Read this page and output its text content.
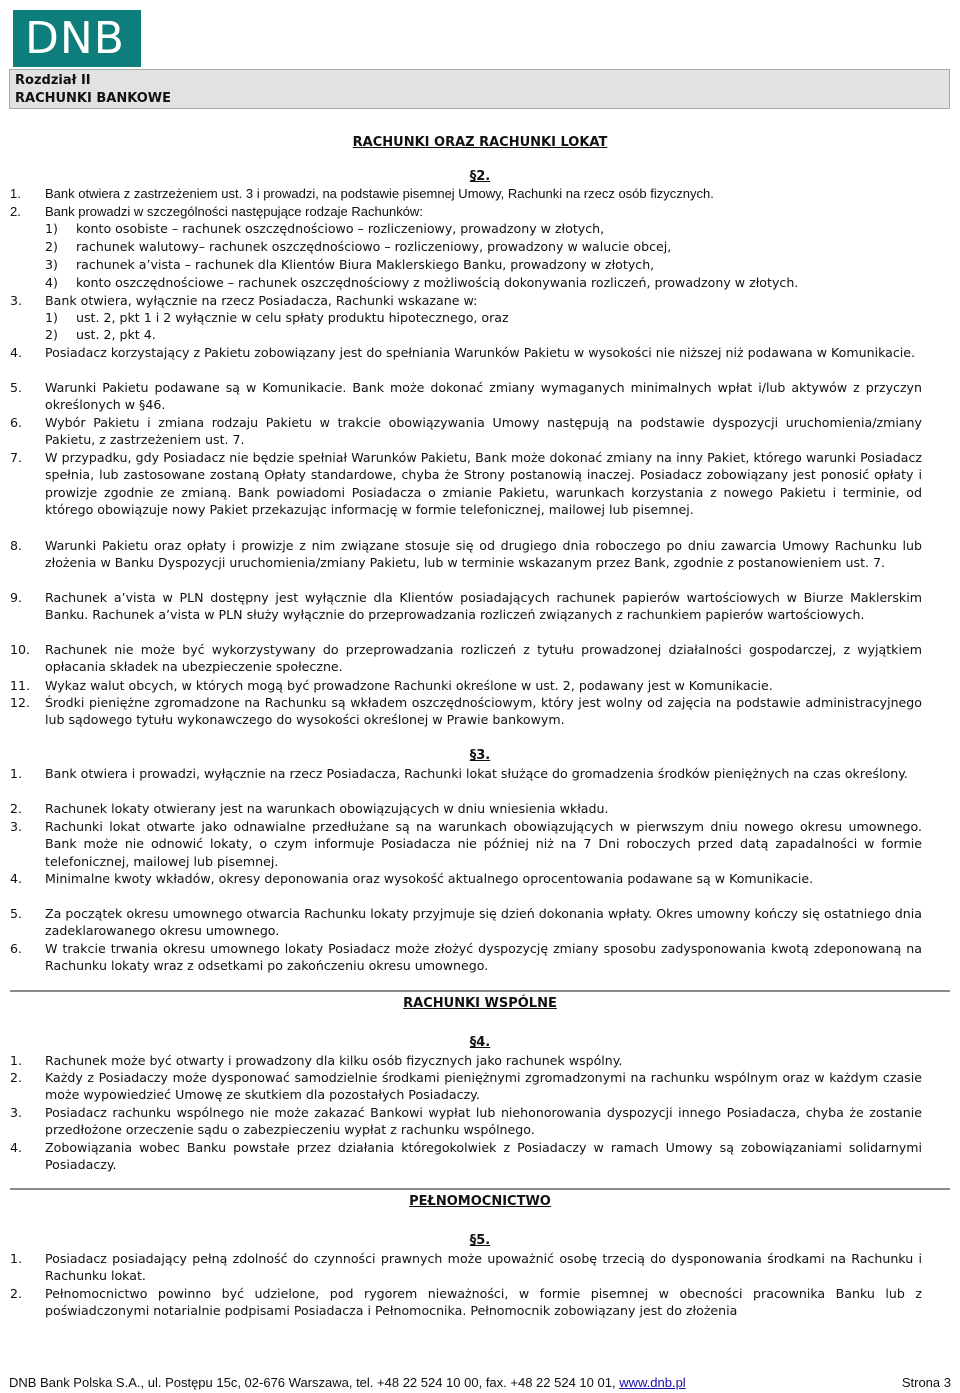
DNB
Rozdział II
RACHUNKI BANKOWE
RACHUNKI ORAZ RACHUNKI LOKAT
§2.
1.	Bank otwiera z zastrzeżeniem ust. 3 i prowadzi, na podstawie pisemnej Umowy, Rachunki na rzecz osób fizycznych.
2.	Bank prowadzi w szczególności następujące rodzaje Rachunków:
1) konto osobiste – rachunek oszczędnościowo – rozliczeniowy, prowadzony w złotych,
2) rachunek walutowy– rachunek oszczędnościowo – rozliczeniowy, prowadzony w walucie obcej,
3) rachunek a’vista – rachunek dla Klientów Biura Maklerskiego Banku, prowadzony w złotych,
4) konto oszczędnościowe – rachunek oszczędnościowy z możliwością dokonywania rozliczeń, prowadzony w złotych.
3.	Bank otwiera, wyłącznie na rzecz Posiadacza, Rachunki wskazane w:
1) ust. 2, pkt 1 i 2 wyłącznie w celu spłaty produktu hipotecznego, oraz
2) ust. 2, pkt 4.
4.	Posiadacz korzystający z Pakietu zobowiązany jest do spełniania Warunków Pakietu w wysokości nie niższej niż podawana w Komunikacie.
5.	Warunki Pakietu podawane są w Komunikacie. Bank może dokonać zmiany wymaganych minimalnych wpłat i/lub aktywów z przyczyn określonych w §46.
6.	Wybór Pakietu i zmiana rodzaju Pakietu w trakcie obowiązywania Umowy następują na podstawie dyspozycji uruchomienia/zmiany Pakietu, z zastrzeżeniem ust. 7.
7.	W przypadku, gdy Posiadacz nie będzie spełniał Warunków Pakietu, Bank może dokonać zmiany na inny Pakiet, którego warunki Posiadacz spełnia, lub zastosowane zostaną Opłaty standardowe, chyba że Strony postanowią inaczej. Posiadacz zobowiązany jest ponosić opłaty i prowizje zgodnie ze zmianą. Bank powiadomi Posiadacza o zmianie Pakietu, warunkach korzystania z nowego Pakietu i terminie, od którego obowiązuje nowy Pakiet przekazując informację w formie telefonicznej, mailowej lub pisemnej.
8.	Warunki Pakietu oraz opłaty i prowizje z nim związane stosuje się od drugiego dnia roboczego po dniu zawarcia Umowy Rachunku lub złożenia w Banku Dyspozycji uruchomienia/zmiany Pakietu, lub w terminie wskazanym przez Bank, zgodnie z postanowieniem ust. 7.
9.	Rachunek a’vista w PLN dostępny jest wyłącznie dla Klientów posiadających rachunek papierów wartościowych w Biurze Maklerskim Banku. Rachunek a’vista w PLN służy wyłącznie do przeprowadzania rozliczeń związanych z rachunkiem papierów wartościowych.
10.	Rachunek nie może być wykorzystywany do przeprowadzania rozliczeń z tytułu prowadzonej działalności gospodarczej, z wyjątkiem opłacania składek na ubezpieczenie społeczne.
11.	Wykaz walut obcych, w których mogą być prowadzone Rachunki określone w ust. 2, podawany jest w Komunikacie.
12.	Środki pieniężne zgromadzone na Rachunku są wkładem oszczędnościowym, który jest wolny od zajęcia na podstawie administracyjnego lub sądowego tytułu wykonawczego do wysokości określonej w Prawie bankowym.
§3.
1.	Bank otwiera i prowadzi, wyłącznie na rzecz Posiadacza, Rachunki lokat służące do gromadzenia środków pieniężnych na czas określony.
2.	Rachunek lokaty otwierany jest na warunkach obowiązujących w dniu wniesienia wkładu.
3.	Rachunki lokat otwarte jako odnawialne przedłużane są na warunkach obowiązujących w pierwszym dniu nowego okresu umownego. Bank może nie odnowić lokaty, o czym informuje Posiadacza nie później niż na 7 Dni roboczych przed datą zapadalności w formie telefonicznej, mailowej lub pisemnej.
4.	Minimalne kwoty wkładów, okresy deponowania oraz wysokość aktualnego oprocentowania podawane są w Komunikacie.
5.	Za początek okresu umownego otwarcia Rachunku lokaty przyjmuje się dzień dokonania wpłaty. Okres umowny kończy się ostatniego dnia zadeklarowanego okresu umownego.
6.	W trakcie trwania okresu umownego lokaty Posiadacz może złożyć dyspozycję zmiany sposobu zadysponowania kwotą zdeponowaną na Rachunku lokaty wraz z odsetkami po zakończeniu okresu umownego.
RACHUNKI WSPÓLNE
§4.
1.	Rachunek może być otwarty i prowadzony dla kilku osób fizycznych jako rachunek wspólny.
2.	Każdy z Posiadaczy może dysponować samodzielnie środkami pieniężnymi zgromadzonymi na rachunku wspólnym oraz w każdym czasie może wypowiedzieć Umowę ze skutkiem dla pozostałych Posiadaczy.
3.	Posiadacz rachunku wspólnego nie może zakazać Bankowi wypłat lub niehonorowania dyspozycji innego Posiadacza, chyba że zostanie przedłożone orzeczenie sądu o zabezpieczeniu wypłat z rachunku wspólnego.
4.	Zobowiązania wobec Banku powstałe przez działania któregokolwiek z Posiadaczy w ramach Umowy są zobowiązaniami solidarnymi Posiadaczy.
PEŁNOMOCNICTWO
§5.
1.	Posiadacz posiadający pełną zdolność do czynności prawnych może upoważnić osobę trzecią do dysponowania środkami na Rachunku i Rachunku lokat.
2.	Pełnomocnictwo powinno być udzielone, pod rygorem nieważności, w formie pisemnej w obecności pracownika Banku lub z poświadczonymi notarialnie podpisami Posiadacza i Pełnomocnika. Pełnomocnik zobowiązany jest do złożenia
DNB Bank Polska S.A., ul. Postępu 15c, 02-676 Warszawa, tel. +48 22 524 10 00, fax. +48 22 524 10 01, www.dnb.pl	Strona 3
